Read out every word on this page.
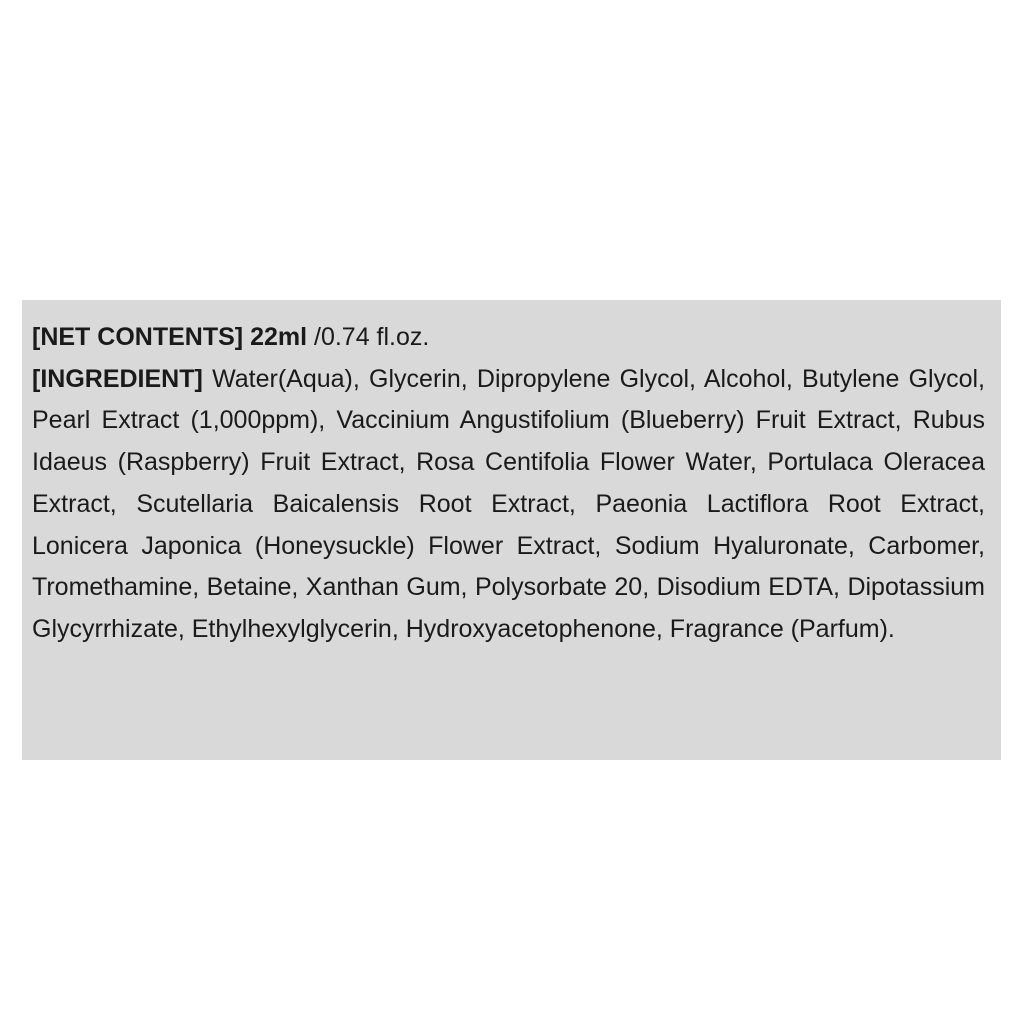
[NET CONTENTS] 22ml /0.74 fl.oz.

[INGREDIENT] Water(Aqua), Glycerin, Dipropylene Glycol, Alcohol, Butylene Glycol, Pearl Extract (1,000ppm), Vaccinium Angustifolium (Blueberry) Fruit Extract, Rubus Idaeus (Raspberry) Fruit Extract, Rosa Centifolia Flower Water, Portulaca Oleracea Extract, Scutellaria Baicalensis Root Extract, Paeonia Lactiflora Root Extract, Lonicera Japonica (Honeysuckle) Flower Extract, Sodium Hyaluronate, Carbomer, Tromethamine, Betaine, Xanthan Gum, Polysorbate 20, Disodium EDTA, Dipotassium Glycyrrhizate, Ethylhexylglycerin, Hydroxyacetophenone, Fragrance (Parfum).
